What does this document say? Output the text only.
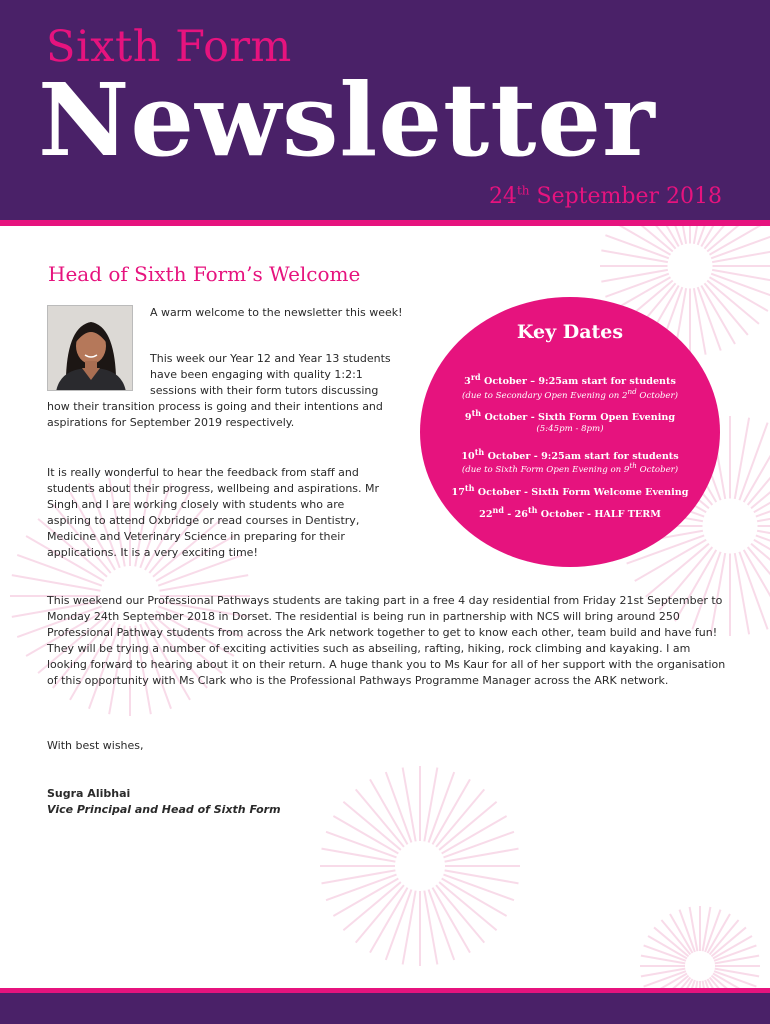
Sixth Form
Newsletter
24th September 2018
Head of Sixth Form’s Welcome
A warm welcome to the newsletter this week!
This week our Year 12 and Year 13 students
have been engaging with quality 1:2:1
sessions with their form tutors discussing
how their transition process is going and their intentions and aspirations for September 2019 respectively.
It is really wonderful to hear the feedback from staff and students about their progress, wellbeing and aspirations. Mr Singh and I are working closely with students who are aspiring to attend Oxbridge or read courses in Dentistry, Medicine and Veterinary Science in preparing for their applications. It is a very exciting time!
Key Dates
3rd October – 9:25am start for students
(due to Secondary Open Evening on 2nd October)
9th October - Sixth Form Open Evening
(5:45pm - 8pm)
10th October - 9:25am start for students
(due to Sixth Form Open Evening on 9th October)
17th October - Sixth Form Welcome Evening
22nd - 26th October - HALF TERM
This weekend our Professional Pathways students are taking part in a free 4 day residential from Friday 21st September to Monday 24th September 2018 in Dorset. The residential is being run in partnership with NCS will bring around 250 Professional Pathway students from across the Ark network together to get to know each other, team build and have fun! They will be trying a number of exciting activities such as abseiling, rafting, hiking, rock climbing and kayaking. I am looking forward to hearing about it on their return. A huge thank you to Ms Kaur for all of her support with the organisation of this opportunity with Ms Clark who is the Professional Pathways Programme Manager across the ARK network.
With best wishes,
Sugra Alibhai
Vice Principal and Head of Sixth Form
